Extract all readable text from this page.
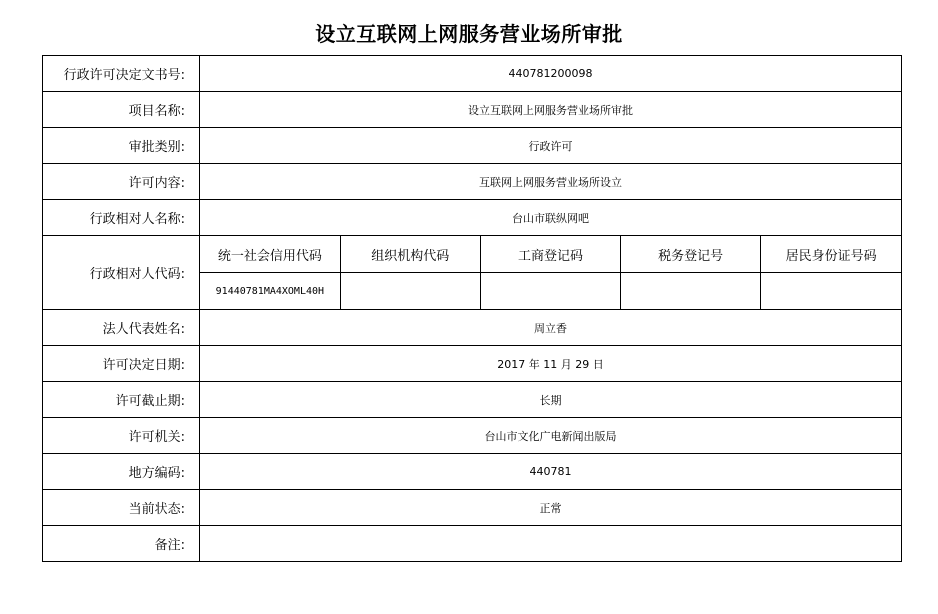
设立互联网上网服务营业场所审批
行政许可决定文书号:	440781200098
项目名称:	设立互联网上网服务营业场所审批
审批类别:	行政许可
许可内容:	互联网上网服务营业场所设立
行政相对人名称:	台山市联纵网吧
行政相对人代码:	
统一社会信用代码	组织机构代码	工商登记码	税务登记号	居民身份证号码
91440781MA4XOML40H				

法人代表姓名:	周立香
许可决定日期:	2017 年 11 月 29 日
许可截止期:	长期
许可机关:	台山市文化广电新闻出版局
地方编码:	440781
当前状态:	正常
备注:	
